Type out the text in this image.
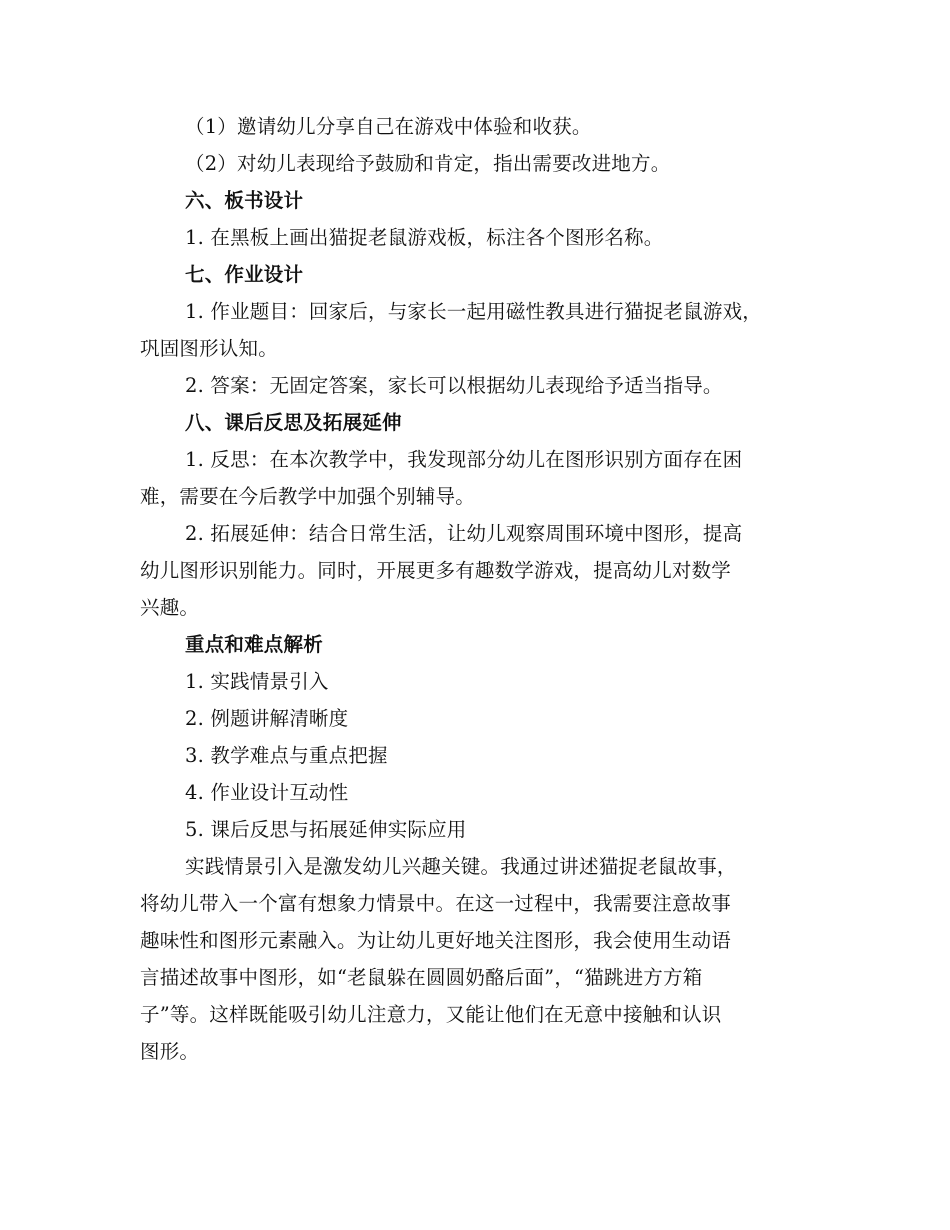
（1）邀请幼儿分享自己在游戏中体验和收获。
（2）对幼儿表现给予鼓励和肯定，指出需要改进地方。
六、板书设计
1. 在黑板上画出猫捉老鼠游戏板，标注各个图形名称。
七、作业设计
1. 作业题目：回家后，与家长一起用磁性教具进行猫捉老鼠游戏，
巩固图形认知。
2. 答案：无固定答案，家长可以根据幼儿表现给予适当指导。
八、课后反思及拓展延伸
1. 反思：在本次教学中，我发现部分幼儿在图形识别方面存在困
难，需要在今后教学中加强个别辅导。
2. 拓展延伸：结合日常生活，让幼儿观察周围环境中图形，提高
幼儿图形识别能力。同时，开展更多有趣数学游戏，提高幼儿对数学
兴趣。
重点和难点解析
1. 实践情景引入
2. 例题讲解清晰度
3. 教学难点与重点把握
4. 作业设计互动性
5. 课后反思与拓展延伸实际应用
实践情景引入是激发幼儿兴趣关键。我通过讲述猫捉老鼠故事，
将幼儿带入一个富有想象力情景中。在这一过程中，我需要注意故事
趣味性和图形元素融入。为让幼儿更好地关注图形，我会使用生动语
言描述故事中图形，如“老鼠躲在圆圆奶酪后面”，“猫跳进方方箱
子”等。这样既能吸引幼儿注意力，又能让他们在无意中接触和认识
图形。
